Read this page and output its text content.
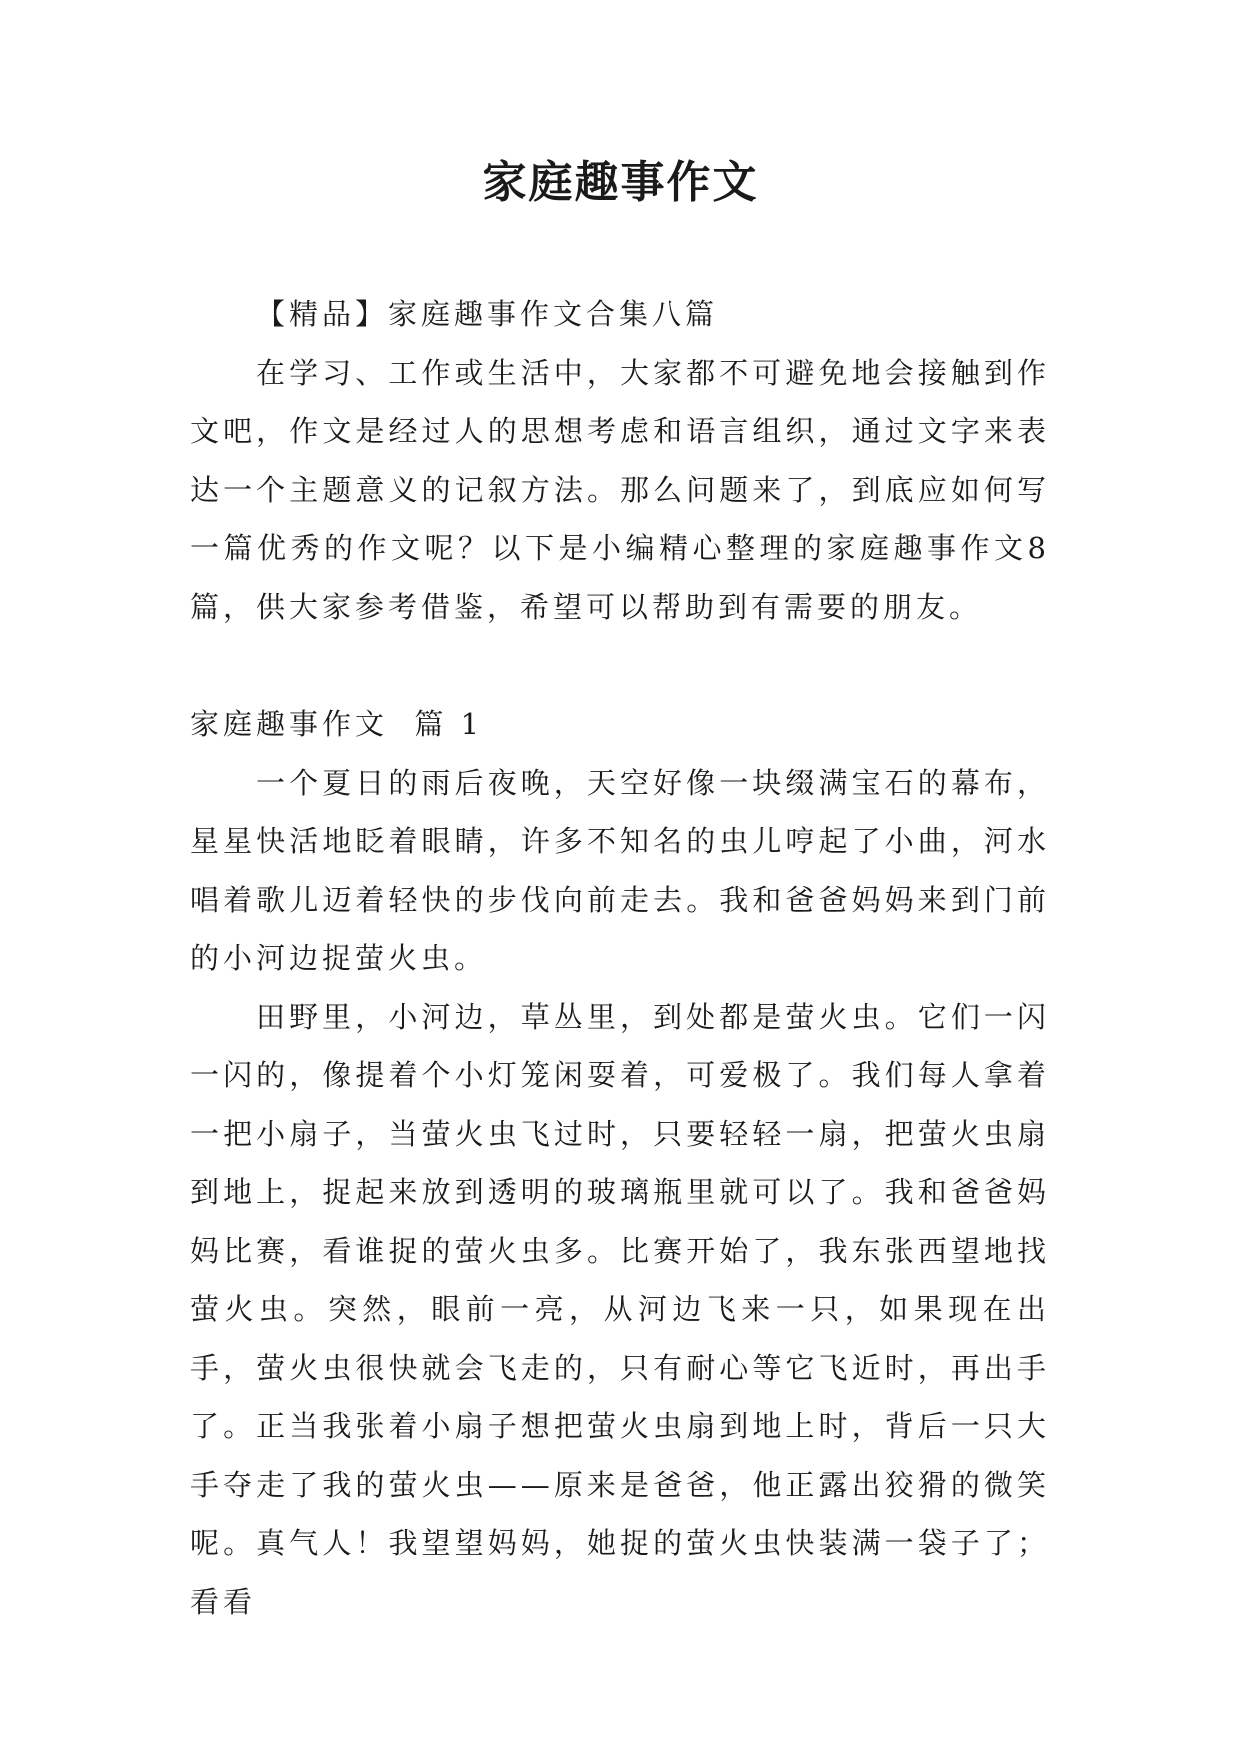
家庭趣事作文

【精品】家庭趣事作文合集八篇

在学习、工作或生活中，大家都不可避免地会接触到作文吧，作文是经过人的思想考虑和语言组织，通过文字来表达一个主题意义的记叙方法。那么问题来了，到底应如何写一篇优秀的作文呢？以下是小编精心整理的家庭趣事作文8篇，供大家参考借鉴，希望可以帮助到有需要的朋友。

家庭趣事作文  篇 1

一个夏日的雨后夜晚，天空好像一块缀满宝石的幕布，星星快活地眨着眼睛，许多不知名的虫儿哼起了小曲，河水唱着歌儿迈着轻快的步伐向前走去。我和爸爸妈妈来到门前的小河边捉萤火虫。

田野里，小河边，草丛里，到处都是萤火虫。它们一闪一闪的，像提着个小灯笼闲耍着，可爱极了。我们每人拿着一把小扇子，当萤火虫飞过时，只要轻轻一扇，把萤火虫扇到地上，捉起来放到透明的玻璃瓶里就可以了。我和爸爸妈妈比赛，看谁捉的萤火虫多。比赛开始了，我东张西望地找萤火虫。突然，眼前一亮，从河边飞来一只，如果现在出手，萤火虫很快就会飞走的，只有耐心等它飞近时，再出手了。正当我张着小扇子想把萤火虫扇到地上时，背后一只大手夺走了我的萤火虫——原来是爸爸，他正露出狡猾的微笑呢。真气人！我望望妈妈，她捉的萤火虫快装满一袋子了；看看
